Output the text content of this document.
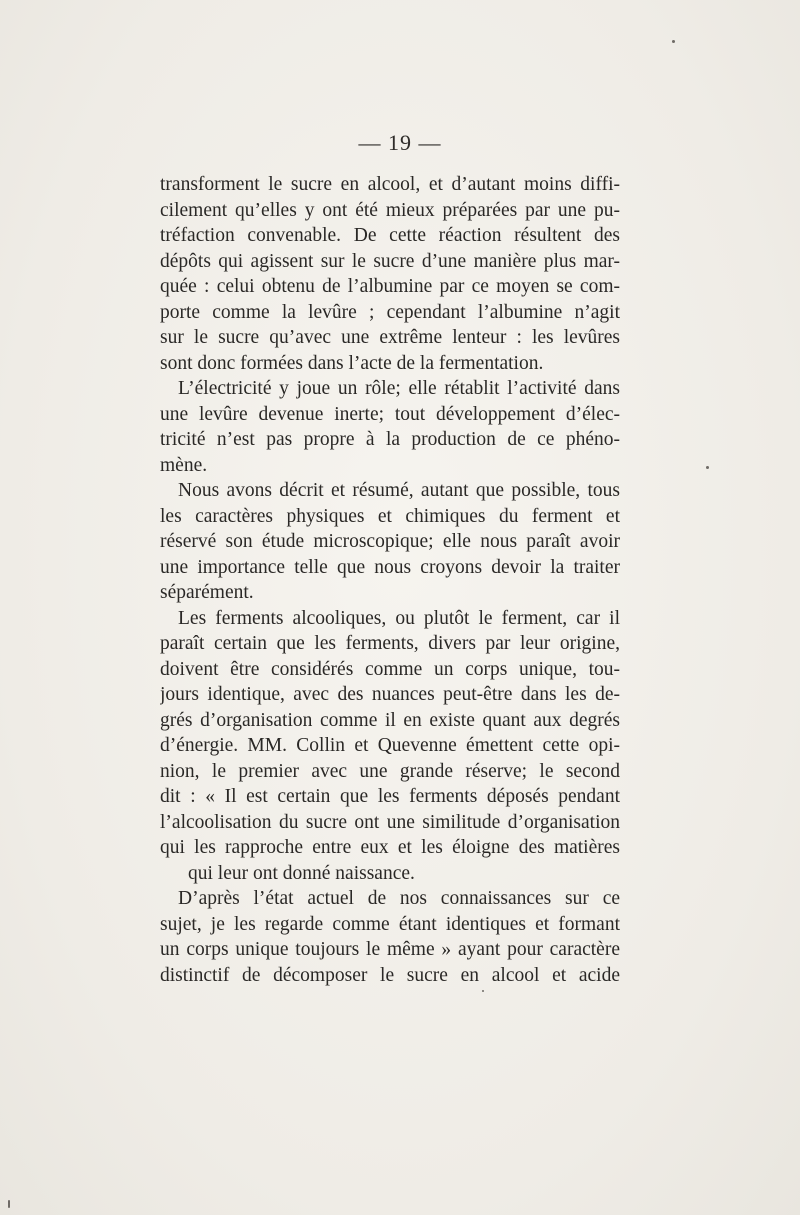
— 19 —
transforment le sucre en alcool, et d’autant moins diffi-
cilement qu’elles y ont été mieux préparées par une pu-
tréfaction convenable. De cette réaction résultent des
dépôts qui agissent sur le sucre d’une manière plus mar-
quée : celui obtenu de l’albumine par ce moyen se com-
porte comme la levûre ; cependant l’albumine n’agit
sur le sucre qu’avec une extrême lenteur : les levûres
sont donc formées dans l’acte de la fermentation.
L’électricité y joue un rôle; elle rétablit l’activité dans
une levûre devenue inerte; tout développement d’élec-
tricité n’est pas propre à la production de ce phéno-
mène.
Nous avons décrit et résumé, autant que possible, tous
les caractères physiques et chimiques du ferment et
réservé son étude microscopique; elle nous paraît avoir
une importance telle que nous croyons devoir la traiter
séparément.
Les ferments alcooliques, ou plutôt le ferment, car il
paraît certain que les ferments, divers par leur origine,
doivent être considérés comme un corps unique, tou-
jours identique, avec des nuances peut-être dans les de-
grés d’organisation comme il en existe quant aux degrés
d’énergie. MM. Collin et Quevenne émettent cette opi-
nion, le premier avec une grande réserve; le second
dit : « Il est certain que les ferments déposés pendant
l’alcoolisation du sucre ont une similitude d’organisation
qui les rapproche entre eux et les éloigne des matières
qui leur ont donné naissance.
D’après l’état actuel de nos connaissances sur ce
sujet, je les regarde comme étant identiques et formant
un corps unique toujours le même » ayant pour caractère
distinctif de décomposer le sucre en alcool et acide
